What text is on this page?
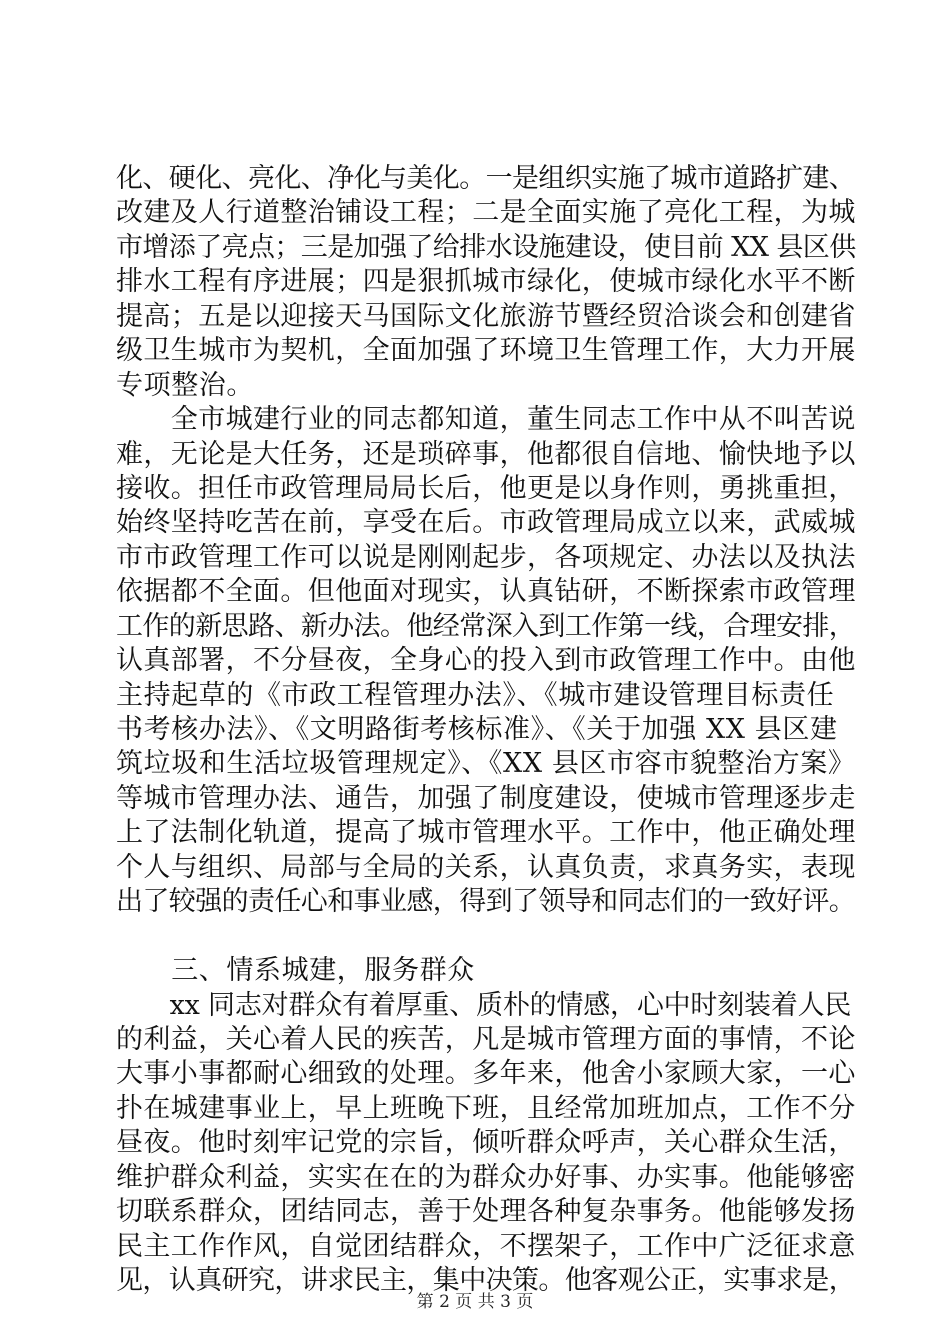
化、硬化、亮化、净化与美化。一是组织实施了城市道路扩建、
改建及人行道整治铺设工程；二是全面实施了亮化工程，为城
市增添了亮点；三是加强了给排水设施建设，使目前 XX 县区供
排水工程有序进展；四是狠抓城市绿化，使城市绿化水平不断
提高；五是以迎接天马国际文化旅游节暨经贸洽谈会和创建省
级卫生城市为契机，全面加强了环境卫生管理工作，大力开展
专项整治。
　　全市城建行业的同志都知道，董生同志工作中从不叫苦说
难，无论是大任务，还是琐碎事，他都很自信地、愉快地予以
接收。担任市政管理局局长后，他更是以身作则，勇挑重担，
始终坚持吃苦在前，享受在后。市政管理局成立以来，武威城
市市政管理工作可以说是刚刚起步，各项规定、办法以及执法
依据都不全面。但他面对现实，认真钻研，不断探索市政管理
工作的新思路、新办法。他经常深入到工作第一线，合理安排，
认真部署，不分昼夜，全身心的投入到市政管理工作中。由他
主持起草的《市政工程管理办法》、《城市建设管理目标责任
书考核办法》、《文明路街考核标准》、《关于加强 XX 县区建
筑垃圾和生活垃圾管理规定》、《XX 县区市容市貌整治方案》
等城市管理办法、通告，加强了制度建设，使城市管理逐步走
上了法制化轨道，提高了城市管理水平。工作中，他正确处理
个人与组织、局部与全局的关系，认真负责，求真务实，表现
出了较强的责任心和事业感，得到了领导和同志们的一致好评。
　　三、情系城建，服务群众
　　xx 同志对群众有着厚重、质朴的情感，心中时刻装着人民
的利益，关心着人民的疾苦，凡是城市管理方面的事情，不论
大事小事都耐心细致的处理。多年来，他舍小家顾大家，一心
扑在城建事业上，早上班晚下班，且经常加班加点，工作不分
昼夜。他时刻牢记党的宗旨，倾听群众呼声，关心群众生活，
维护群众利益，实实在在的为群众办好事、办实事。他能够密
切联系群众，团结同志，善于处理各种复杂事务。他能够发扬
民主工作作风，自觉团结群众，不摆架子，工作中广泛征求意
见，认真研究，讲求民主，集中决策。他客观公正，实事求是，
第 2 页 共 3 页
